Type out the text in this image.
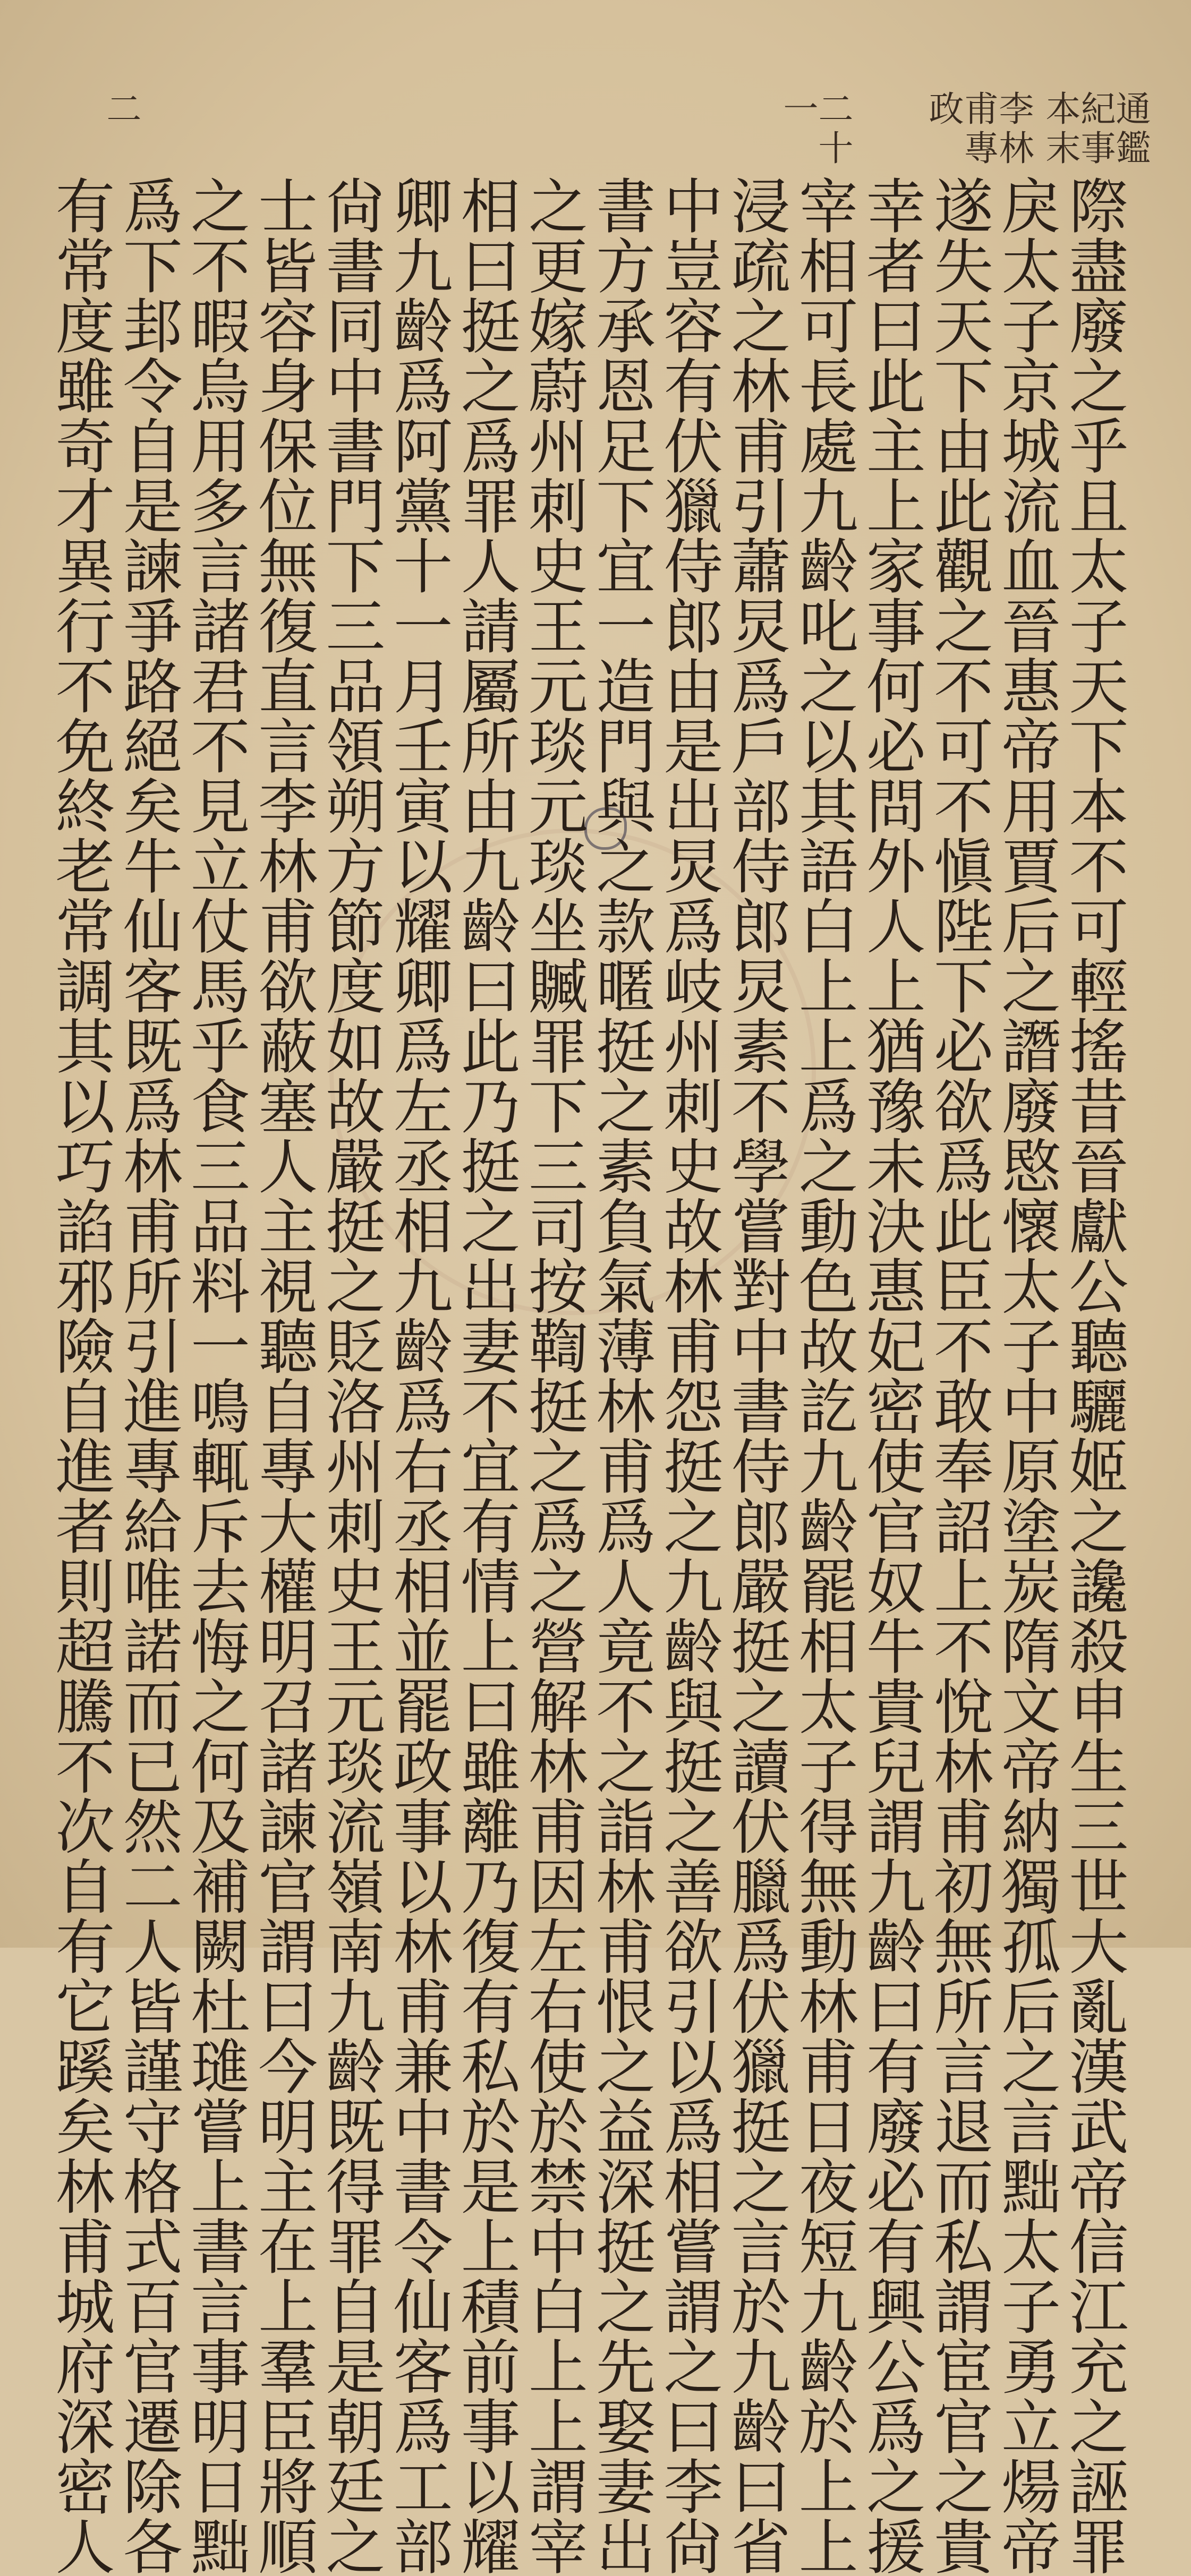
通鑑紀事本末
二十一	李林甫專政
二
際盡廢之乎且太子天下本不可輕搖昔晉獻公聽驪姬之讒殺申生三世大亂漢武帝信江充之誣罪
戾太子京城流血晉惠帝用賈后之譖廢愍懷太子中原塗炭隋文帝納獨孤后之言黜太子勇立煬帝
遂失天下由此觀之不可不愼陛下必欲爲此臣不敢奉詔上不悅林甫初無所言退而私謂宦官之貴
幸者曰此主上家事何必問外人上猶豫未決惠妃密使官奴牛貴兒謂九齡曰有廢必有興公爲之援
宰相可長處九齡叱之以其語白上上爲之動色故訖九齡罷相太子得無動林甫日夜短九齡於上上
浸疏之林甫引蕭炅爲戶部侍郎炅素不學嘗對中書侍郎嚴挺之讀伏臘爲伏獵挺之言於九齡曰省
中豈容有伏獵侍郎由是出炅爲岐州刺史故林甫怨挺之九齡與挺之善欲引以爲相嘗謂之曰李尙
書方承恩足下宜一造門與之款暱挺之素負氣薄林甫爲人竟不之詣林甫恨之益深挺之先娶妻出
之更嫁蔚州刺史王元琰元琰坐贓罪下三司按鞫挺之爲之營解林甫因左右使於禁中白上上謂宰
相曰挺之爲罪人請屬所由九齡曰此乃挺之出妻不宜有情上曰雖離乃復有私於是上積前事以耀
卿九齡爲阿黨十一月壬寅以耀卿爲左丞相九齡爲右丞相並罷政事以林甫兼中書令仙客爲工部
尙書同中書門下三品領朔方節度如故嚴挺之貶洛州刺史王元琰流嶺南九齡既得罪自是朝廷之
士皆容身保位無復直言李林甫欲蔽塞人主視聽自專大權明召諸諫官謂曰今明主在上羣臣將順
之不暇烏用多言諸君不見立仗馬乎食三品料一鳴輒斥去悔之何及補闕杜璡嘗上書言事明日黜
爲下邽令自是諫爭路絕矣牛仙客既爲林甫所引進專給唯諾而已然二人皆謹守格式百官遷除各
有常度雖奇才異行不免終老常調其以巧諂邪險自進者則超騰不次自有它蹊矣林甫城府深密人
